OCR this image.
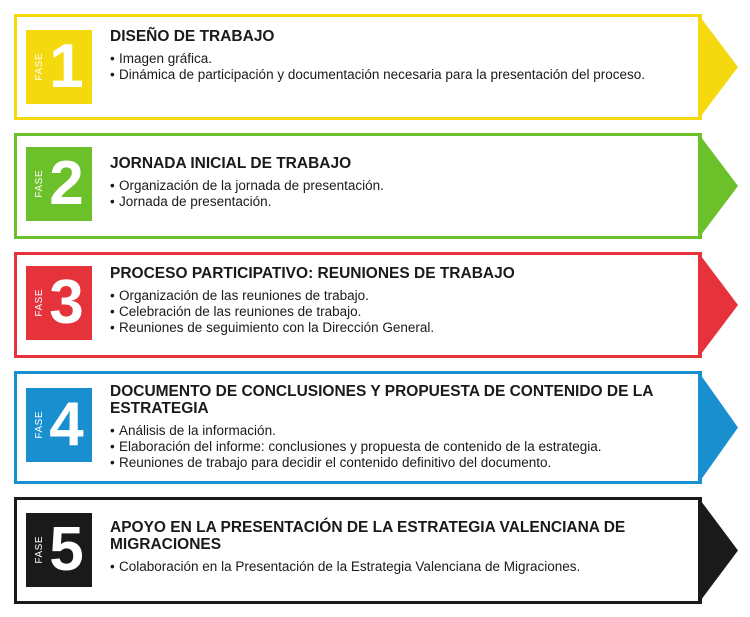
FASE 1 DISEÑO DE TRABAJO
• Imagen gráfica.
• Dinámica de participación y documentación necesaria para la presentación del proceso.
FASE 2 JORNADA INICIAL DE TRABAJO
• Organización de la jornada de presentación.
• Jornada de presentación.
FASE 3 PROCESO PARTICIPATIVO: REUNIONES DE TRABAJO
• Organización de las reuniones de trabajo.
• Celebración de las reuniones de trabajo.
• Reuniones de seguimiento con la Dirección General.
FASE 4 DOCUMENTO DE CONCLUSIONES Y PROPUESTA DE CONTENIDO DE LA ESTRATEGIA
• Análisis de la información.
• Elaboración del informe: conclusiones y propuesta de contenido de la estrategia.
• Reuniones de trabajo para decidir el contenido definitivo del documento.
FASE 5 APOYO EN LA PRESENTACIÓN DE LA ESTRATEGIA VALENCIANA DE MIGRACIONES
• Colaboración en la Presentación de la Estrategia Valenciana de Migraciones.
